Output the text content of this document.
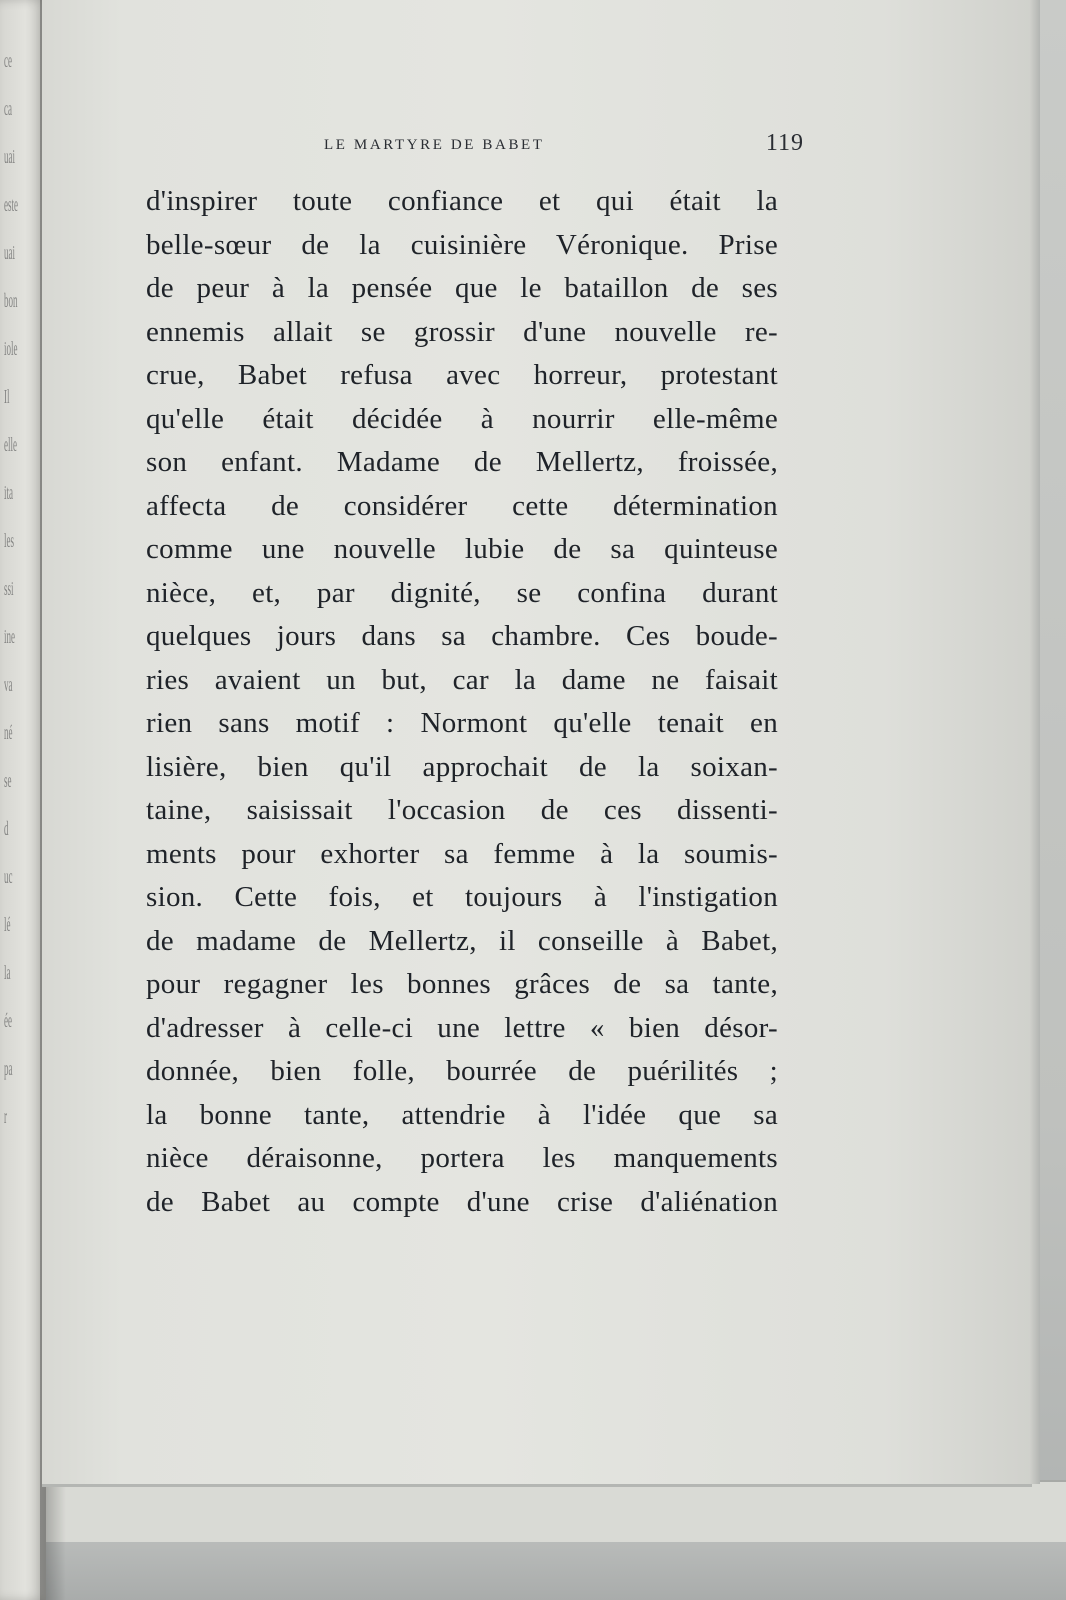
ce
ca
uai
este
uai
bon
iole
Il
elle
ita
les
ssi
ine
va
né
se
d
uc
lé
la
ée
pa
r
LE MARTYRE DE BABET	119
d'inspirer toute confiance et qui était la
belle-sœur de la cuisinière Véronique. Prise
de peur à la pensée que le bataillon de ses
ennemis allait se grossir d'une nouvelle re-
crue, Babet refusa avec horreur, protestant
qu'elle était décidée à nourrir elle-même
son enfant. Madame de Mellertz, froissée,
affecta de considérer cette détermination
comme une nouvelle lubie de sa quinteuse
nièce, et, par dignité, se confina durant
quelques jours dans sa chambre. Ces boude-
ries avaient un but, car la dame ne faisait
rien sans motif : Normont qu'elle tenait en
lisière, bien qu'il approchait de la soixan-
taine, saisissait l'occasion de ces dissenti-
ments pour exhorter sa femme à la soumis-
sion. Cette fois, et toujours à l'instigation
de madame de Mellertz, il conseille à Babet,
pour regagner les bonnes grâces de sa tante,
d'adresser à celle-ci une lettre « bien désor-
donnée, bien folle, bourrée de puérilités ;
la bonne tante, attendrie à l'idée que sa
nièce déraisonne, portera les manquements
de Babet au compte d'une crise d'aliénation
